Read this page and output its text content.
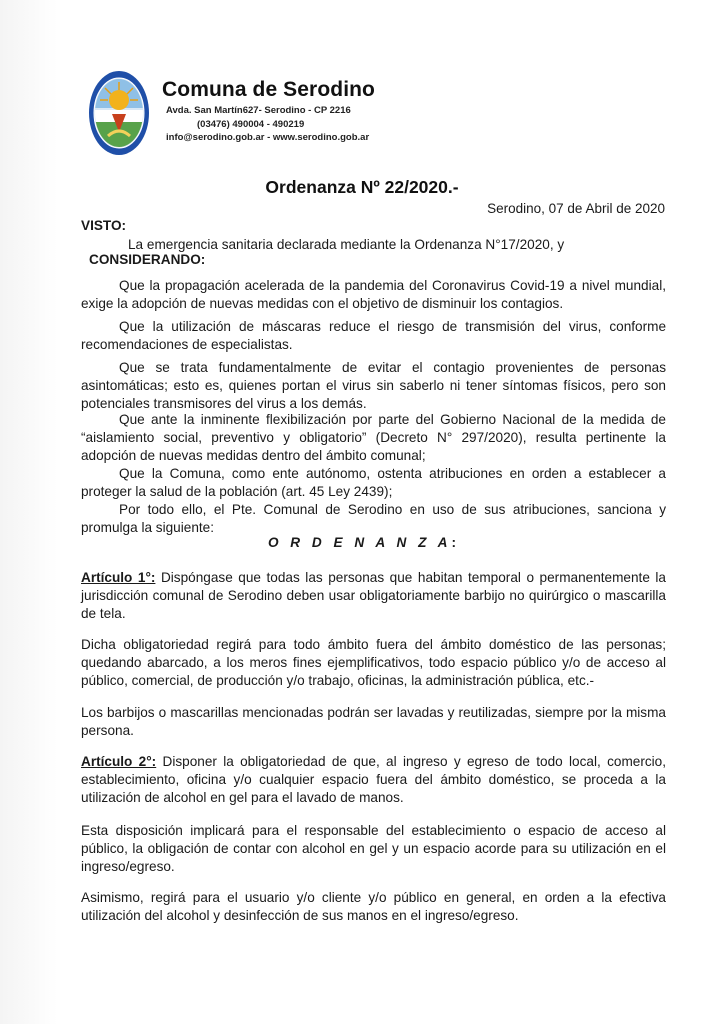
Comuna de Serodino
Avda. San Martín627- Serodino - CP 2216
(03476) 490004 - 490219
info@serodino.gob.ar - www.serodino.gob.ar
Ordenanza Nº 22/2020.-
Serodino, 07 de Abril de 2020
VISTO:
La emergencia sanitaria declarada mediante la Ordenanza N°17/2020, y
CONSIDERANDO:
Que la propagación acelerada de la pandemia del Coronavirus Covid-19 a nivel mundial, exige la adopción de nuevas medidas con el objetivo de disminuir los contagios.
Que la utilización de máscaras reduce el riesgo de transmisión del virus, conforme recomendaciones de especialistas.
Que se trata fundamentalmente de evitar el contagio provenientes de personas asintomáticas; esto es, quienes portan el virus sin saberlo ni tener síntomas físicos, pero son potenciales transmisores del virus a los demás.
Que ante la inminente flexibilización por parte del Gobierno Nacional de la medida de “aislamiento social, preventivo y obligatorio” (Decreto N° 297/2020), resulta pertinente la adopción de nuevas medidas dentro del ámbito comunal;
Que la Comuna, como ente autónomo, ostenta atribuciones en orden a establecer a proteger la salud de la población (art. 45 Ley 2439);
Por todo ello, el Pte. Comunal de Serodino en uso de sus atribuciones, sanciona y promulga la siguiente:
O R D E N A N Z A:
Artículo 1°: Dispóngase que todas las personas que habitan temporal o permanentemente la jurisdicción comunal de Serodino deben usar obligatoriamente barbijo no quirúrgico o mascarilla de tela.
Dicha obligatoriedad regirá para todo ámbito fuera del ámbito doméstico de las personas; quedando abarcado, a los meros fines ejemplificativos, todo espacio público y/o de acceso al público, comercial, de producción y/o trabajo, oficinas, la administración pública, etc.-
Los barbijos o mascarillas mencionadas podrán ser lavadas y reutilizadas, siempre por la misma persona.
Artículo 2°: Disponer la obligatoriedad de que, al ingreso y egreso de todo local, comercio, establecimiento, oficina y/o cualquier espacio fuera del ámbito doméstico, se proceda a la utilización de alcohol en gel para el lavado de manos.
Esta disposición implicará para el responsable del establecimiento o espacio de acceso al público, la obligación de contar con alcohol en gel y un espacio acorde para su utilización en el ingreso/egreso.
Asimismo, regirá para el usuario y/o cliente y/o público en general, en orden a la efectiva utilización del alcohol y desinfección de sus manos en el ingreso/egreso.
